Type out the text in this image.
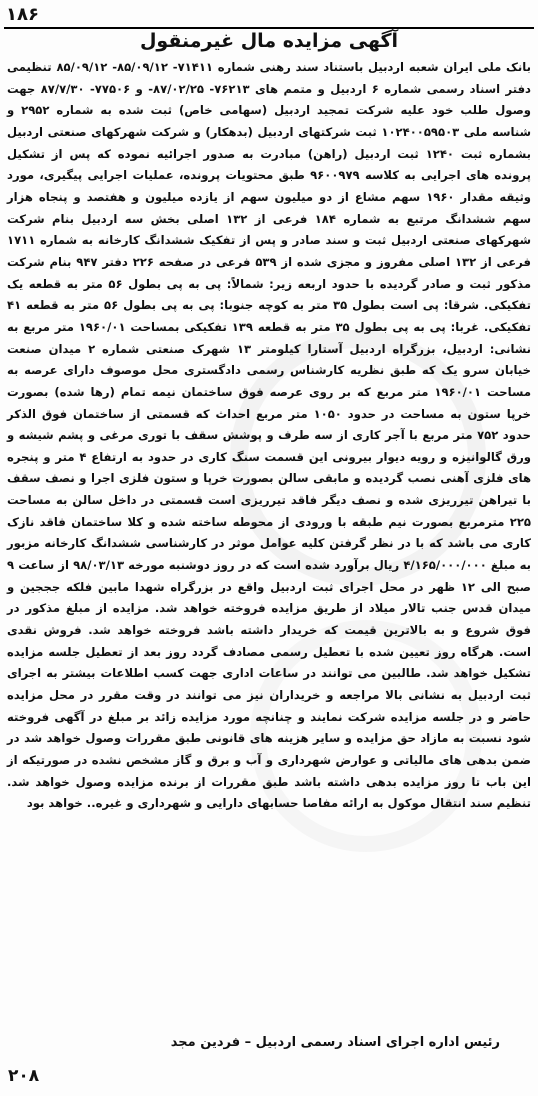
۱۸۶
آگهی مزایده مال غیرمنقول
بانک ملی ایران شعبه اردبیل باستناد سند رهنی شماره ۷۱۴۱۱- ۸۵/۰۹/۱۲- ۸۵/۰۹/۱۲ تنظیمی دفتر اسناد رسمی شماره ۶ اردبیل و متمم های ۷۶۲۱۳- ۸۷/۰۲/۲۵- و ۷۷۵۰۶- ۸۷/۷/۳۰ جهت وصول طلب خود علیه شرکت تمجید اردبیل (سهامی خاص) ثبت شده به شماره ۲۹۵۲ و شناسه ملی ۱۰۲۴۰۰۵۹۵۰۳ ثبت شرکتهای اردبیل (بدهکار) و شرکت شهرکهای صنعتی اردبیل بشماره ثبت ۱۲۴۰ ثبت اردبیل (راهن) مبادرت به صدور اجرائیه نموده که پس از تشکیل پرونده های اجرایی به کلاسه ۹۶۰۰۹۷۹ طبق محتویات پرونده، عملیات اجرایی پیگیری، مورد وثیقه مقدار ۱۹۶۰ سهم مشاع از دو میلیون سهم از یازده میلیون و هفتصد و پنجاه هزار سهم ششدانگ مرتبع به شماره ۱۸۴ فرعی از ۱۳۲ اصلی بخش سه اردبیل بنام شرکت شهرکهای صنعتی اردبیل ثبت و سند صادر و پس از تفکیک ششدانگ کارخانه به شماره ۱۷۱۱ فرعی از ۱۳۲ اصلی مفروز و مجزی شده از ۵۳۹ فرعی در صفحه ۲۲۶ دفتر ۹۴۷ بنام شرکت مذکور ثبت و صادر گردیده با حدود اربعه زیر: شمالاً: پی به پی بطول ۵۶ متر به قطعه یک تفکیکی. شرقا: پی است بطول ۳۵ متر به کوچه جنوبا: پی به پی بطول ۵۶ متر به قطعه ۴۱ تفکیکی. غربا: پی به پی بطول ۳۵ متر به قطعه ۱۳۹ تفکیکی بمساحت ۱۹۶۰/۰۱ متر مربع به نشانی: اردبیل، بزرگراه اردبیل آستارا کیلومتر ۱۳ شهرک صنعتی شماره ۲ میدان صنعت خیابان سرو یک که طبق نظریه کارشناس رسمی دادگستری محل موصوف دارای عرصه به مساحت ۱۹۶۰/۰۱ متر مربع که بر روی عرصه فوق ساختمان نیمه تمام (رها شده) بصورت خرپا ستون به مساحت در حدود ۱۰۵۰ متر مربع احداث که قسمتی از ساختمان فوق الذکر حدود ۷۵۲ متر مربع با آجر کاری از سه طرف و پوشش سقف با توری مرغی و پشم شیشه و ورق گالوانیزه و رویه دیوار بیرونی این قسمت سنگ کاری در حدود به ارتفاع ۴ متر و پنجره های فلزی آهنی نصب گردیده و مابقی سالن بصورت خرپا و ستون فلزی اجرا و نصف سقف با تیراهن تیرریزی شده و نصف دیگر فاقد تیرریزی است قسمتی در داخل سالن به مساحت ۲۲۵ مترمربع بصورت نیم طبقه با ورودی از محوطه ساخته شده و کلا ساختمان فاقد نازک کاری می باشد که با در نظر گرفتن کلیه عوامل موثر در کارشناسی ششدانگ کارخانه مزبور به مبلغ ۴/۱۶۵/۰۰۰/۰۰۰ ریال برآورد شده است که در روز دوشنبه مورخه ۹۸/۰۳/۱۳ از ساعت ۹ صبح الی ۱۲ ظهر در محل اجرای ثبت اردبیل واقع در بزرگراه شهدا مابین فلکه جججین و میدان قدس جنب تالار میلاد از طریق مزایده فروخته خواهد شد. مزایده از مبلغ مذکور در فوق شروع و به بالاترین قیمت که خریدار داشته باشد فروخته خواهد شد. فروش نقدی است. هرگاه روز تعیین شده با تعطیل رسمی مصادف گردد روز بعد از تعطیل جلسه مزایده تشکیل خواهد شد. طالبین می توانند در ساعات اداری جهت کسب اطلاعات بیشتر به اجرای ثبت اردبیل به نشانی بالا مراجعه و خریداران نیز می توانند در وقت مقرر در محل مزایده حاضر و در جلسه مزایده شرکت نمایند و چنانچه مورد مزایده زائد بر مبلغ در آگهی فروخته شود نسبت به مازاد حق مزایده و سایر هزینه های قانونی طبق مقررات وصول خواهد شد در ضمن بدهی های مالیاتی و عوارض شهرداری و آب و برق و گاز مشخص نشده در صورتیکه از این باب تا روز مزایده بدهی داشته باشد طبق مقررات از برنده مزایده وصول خواهد شد. تنظیم سند انتقال موکول به ارائه مفاصا حسابهای دارایی و شهرداری و غیره.. خواهد بود
رئیس اداره اجرای اسناد رسمی اردبیل – فردین مجد
۲۰۸
